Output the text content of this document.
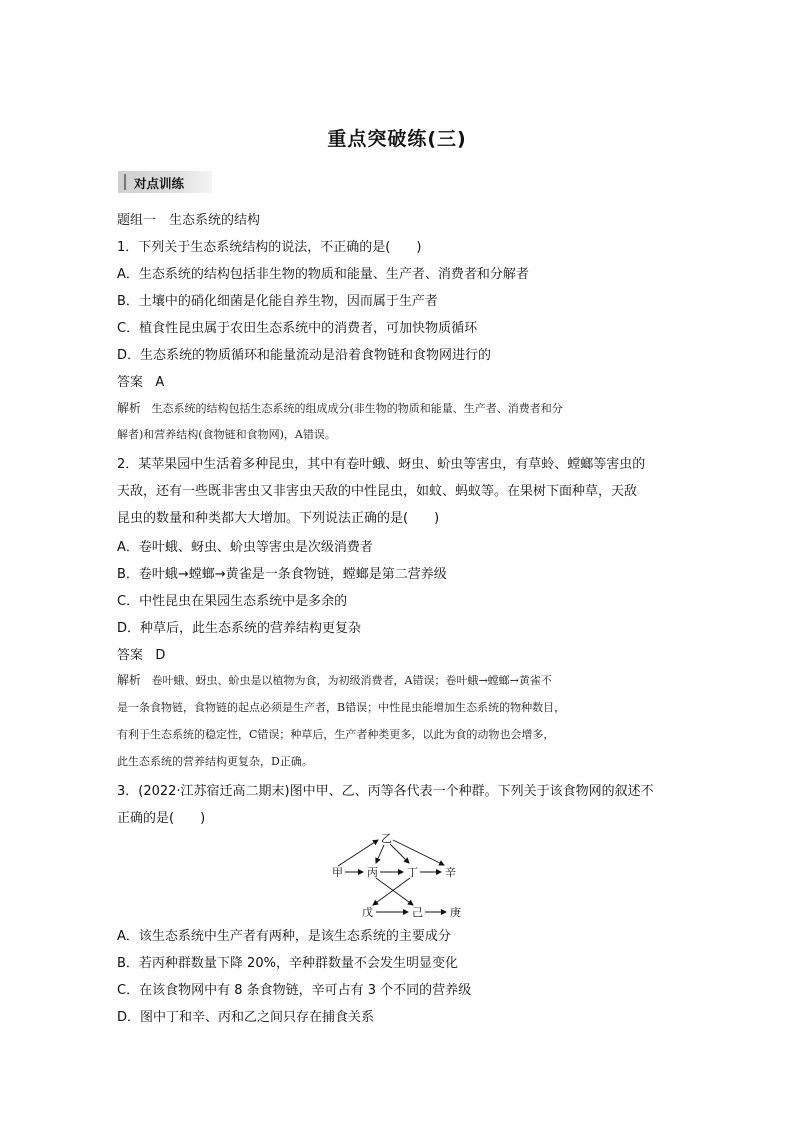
重点突破练(三)
对点训练
题组一　生态系统的结构
1．下列关于生态系统结构的说法，不正确的是(　　)
A．生态系统的结构包括非生物的物质和能量、生产者、消费者和分解者
B．土壤中的硝化细菌是化能自养生物，因而属于生产者
C．植食性昆虫属于农田生态系统中的消费者，可加快物质循环
D．生态系统的物质循环和能量流动是沿着食物链和食物网进行的
答案 A
解析 生态系统的结构包括生态系统的组成成分(非生物的物质和能量、生产者、消费者和分
解者)和营养结构(食物链和食物网)，A错误。
2．某苹果园中生活着多种昆虫，其中有卷叶蛾、蚜虫、蚧虫等害虫，有草蛉、螳螂等害虫的
天敌，还有一些既非害虫又非害虫天敌的中性昆虫，如蚊、蚂蚁等。在果树下面种草，天敌
昆虫的数量和种类都大大增加。下列说法正确的是(　　)
A．卷叶蛾、蚜虫、蚧虫等害虫是次级消费者
B．卷叶蛾→螳螂→黄雀是一条食物链，螳螂是第二营养级
C．中性昆虫在果园生态系统中是多余的
D．种草后，此生态系统的营养结构更复杂
答案 D
解析 卷叶蛾、蚜虫、蚧虫是以植物为食，为初级消费者，A错误；卷叶蛾→螳螂→黄雀不
是一条食物链，食物链的起点必须是生产者，B错误；中性昆虫能增加生态系统的物种数目，
有利于生态系统的稳定性，C错误；种草后，生产者种类更多，以此为食的动物也会增多，
此生态系统的营养结构更复杂，D正确。
3．(2022·江苏宿迁高二期末)图中甲、乙、丙等各代表一个种群。下列关于该食物网的叙述不
正确的是(　　)
乙
甲 丙	丁 辛
戊	己 庚
A．该生态系统中生产者有两种，是该生态系统的主要成分
B．若丙种群数量下降 20%，辛种群数量不会发生明显变化
C．在该食物网中有 8 条食物链，辛可占有 3 个不同的营养级
D．图中丁和辛、丙和乙之间只存在捕食关系
